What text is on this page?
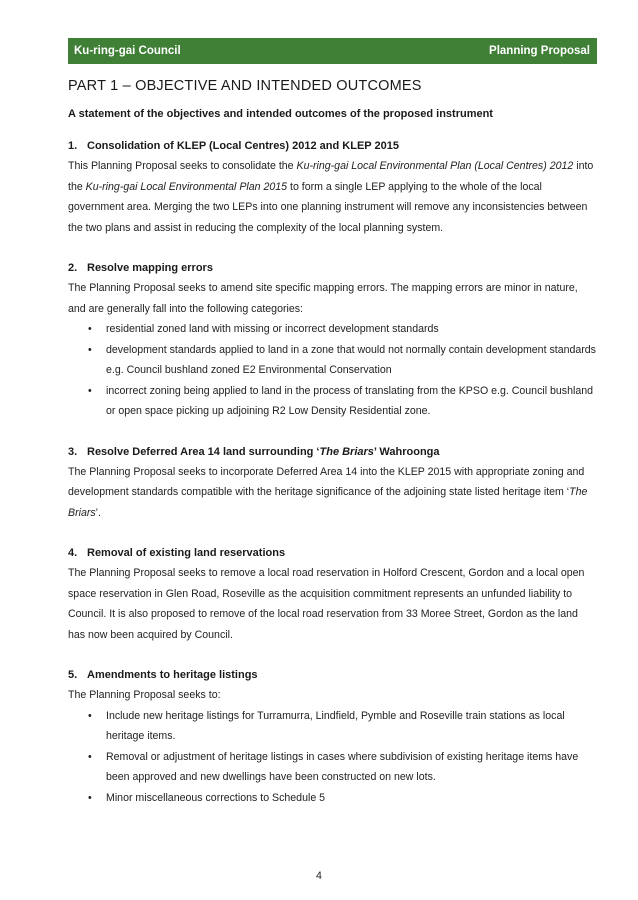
Ku-ring-gai Council	Planning Proposal
PART 1 – OBJECTIVE AND INTENDED OUTCOMES
A statement of the objectives and intended outcomes of the proposed instrument
1. Consolidation of KLEP (Local Centres) 2012 and KLEP 2015

This Planning Proposal seeks to consolidate the Ku-ring-gai Local Environmental Plan (Local Centres) 2012 into the Ku-ring-gai Local Environmental Plan 2015 to form a single LEP applying to the whole of the local government area. Merging the two LEPs into one planning instrument will remove any inconsistencies between the two plans and assist in reducing the complexity of the local planning system.

2. Resolve mapping errors

The Planning Proposal seeks to amend site specific mapping errors. The mapping errors are minor in nature, and are generally fall into the following categories:

• residential zoned land with missing or incorrect development standards
• development standards applied to land in a zone that would not normally contain development standards e.g. Council bushland zoned E2 Environmental Conservation
• incorrect zoning being applied to land in the process of translating from the KPSO e.g. Council bushland or open space picking up adjoining R2 Low Density Residential zone.
3. Resolve Deferred Area 14 land surrounding ‘The Briars’ Wahroonga

The Planning Proposal seeks to incorporate Deferred Area 14 into the KLEP 2015 with appropriate zoning and development standards compatible with the heritage significance of the adjoining state listed heritage item ‘The Briars’.

4. Removal of existing land reservations

The Planning Proposal seeks to remove a local road reservation in Holford Crescent, Gordon and a local open space reservation in Glen Road, Roseville as the acquisition commitment represents an unfunded liability to Council. It is also proposed to remove of the local road reservation from 33 Moree Street, Gordon as the land has now been acquired by Council.

5. Amendments to heritage listings

The Planning Proposal seeks to:

• Include new heritage listings for Turramurra, Lindfield, Pymble and Roseville train stations as local heritage items.
• Removal or adjustment of heritage listings in cases where subdivision of existing heritage items have been approved and new dwellings have been constructed on new lots.
• Minor miscellaneous corrections to Schedule 5
4
